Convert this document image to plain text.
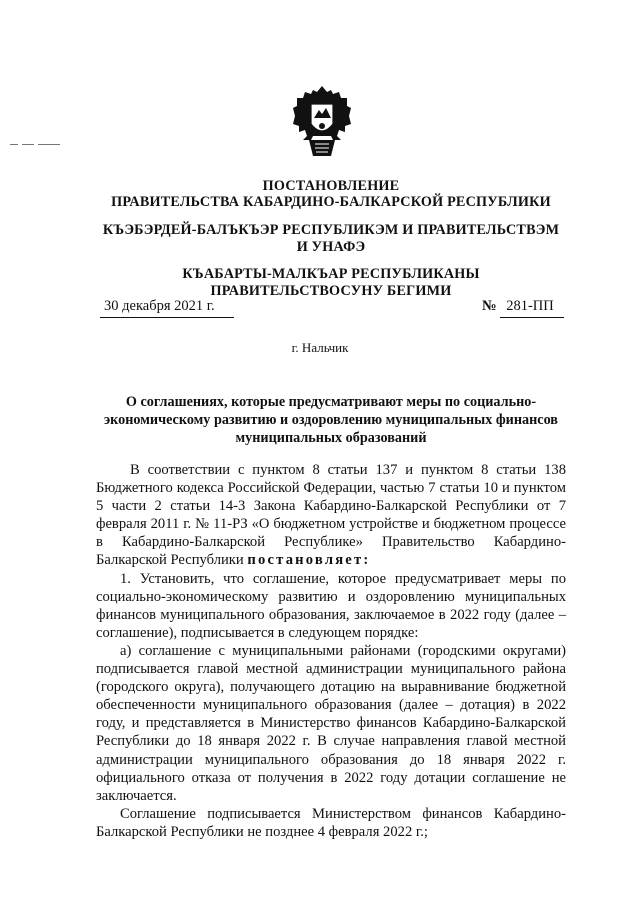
ПОСТАНОВЛЕНИЕ
ПРАВИТЕЛЬСТВА КАБАРДИНО-БАЛКАРСКОЙ РЕСПУБЛИКИ
КЪЭБЭРДЕЙ-БАЛЪКЪЭР РЕСПУБЛИКЭМ И ПРАВИТЕЛЬСТВЭМ И УНАФЭ
КЪАБАРТЫ-МАЛКЪАР РЕСПУБЛИКАНЫ ПРАВИТЕЛЬСТВОСУНУ БЕГИМИ
30 декабря 2021 г.	№ 281-ПП
г. Нальчик
О соглашениях, которые предусматривают меры по социально-экономическому развитию и оздоровлению муниципальных финансов муниципальных образований

В соответствии с пунктом 8 статьи 137 и пунктом 8 статьи 138 Бюджетного кодекса Российской Федерации, частью 7 статьи 10 и пунктом 5 части 2 статьи 14-3 Закона Кабардино-Балкарской Республики от 7 февраля 2011 г. № 11-РЗ «О бюджетном устройстве и бюджетном процессе в Кабардино-Балкарской Республике» Правительство Кабардино-Балкарской Республики постановляет:

1. Установить, что соглашение, которое предусматривает меры по социально-экономическому развитию и оздоровлению муниципальных финансов муниципального образования, заключаемое в 2022 году (далее – соглашение), подписывается в следующем порядке:

а) соглашение с муниципальными районами (городскими округами) подписывается главой местной администрации муниципального района (городского округа), получающего дотацию на выравнивание бюджетной обеспеченности муниципального образования (далее – дотация) в 2022 году, и представляется в Министерство финансов Кабардино-Балкарской Республики до 18 января 2022 г. В случае направления главой местной администрации муниципального образования до 18 января 2022 г. официального отказа от получения в 2022 году дотации соглашение не заключается.

Соглашение подписывается Министерством финансов Кабардино-Балкарской Республики не позднее 4 февраля 2022 г.;
